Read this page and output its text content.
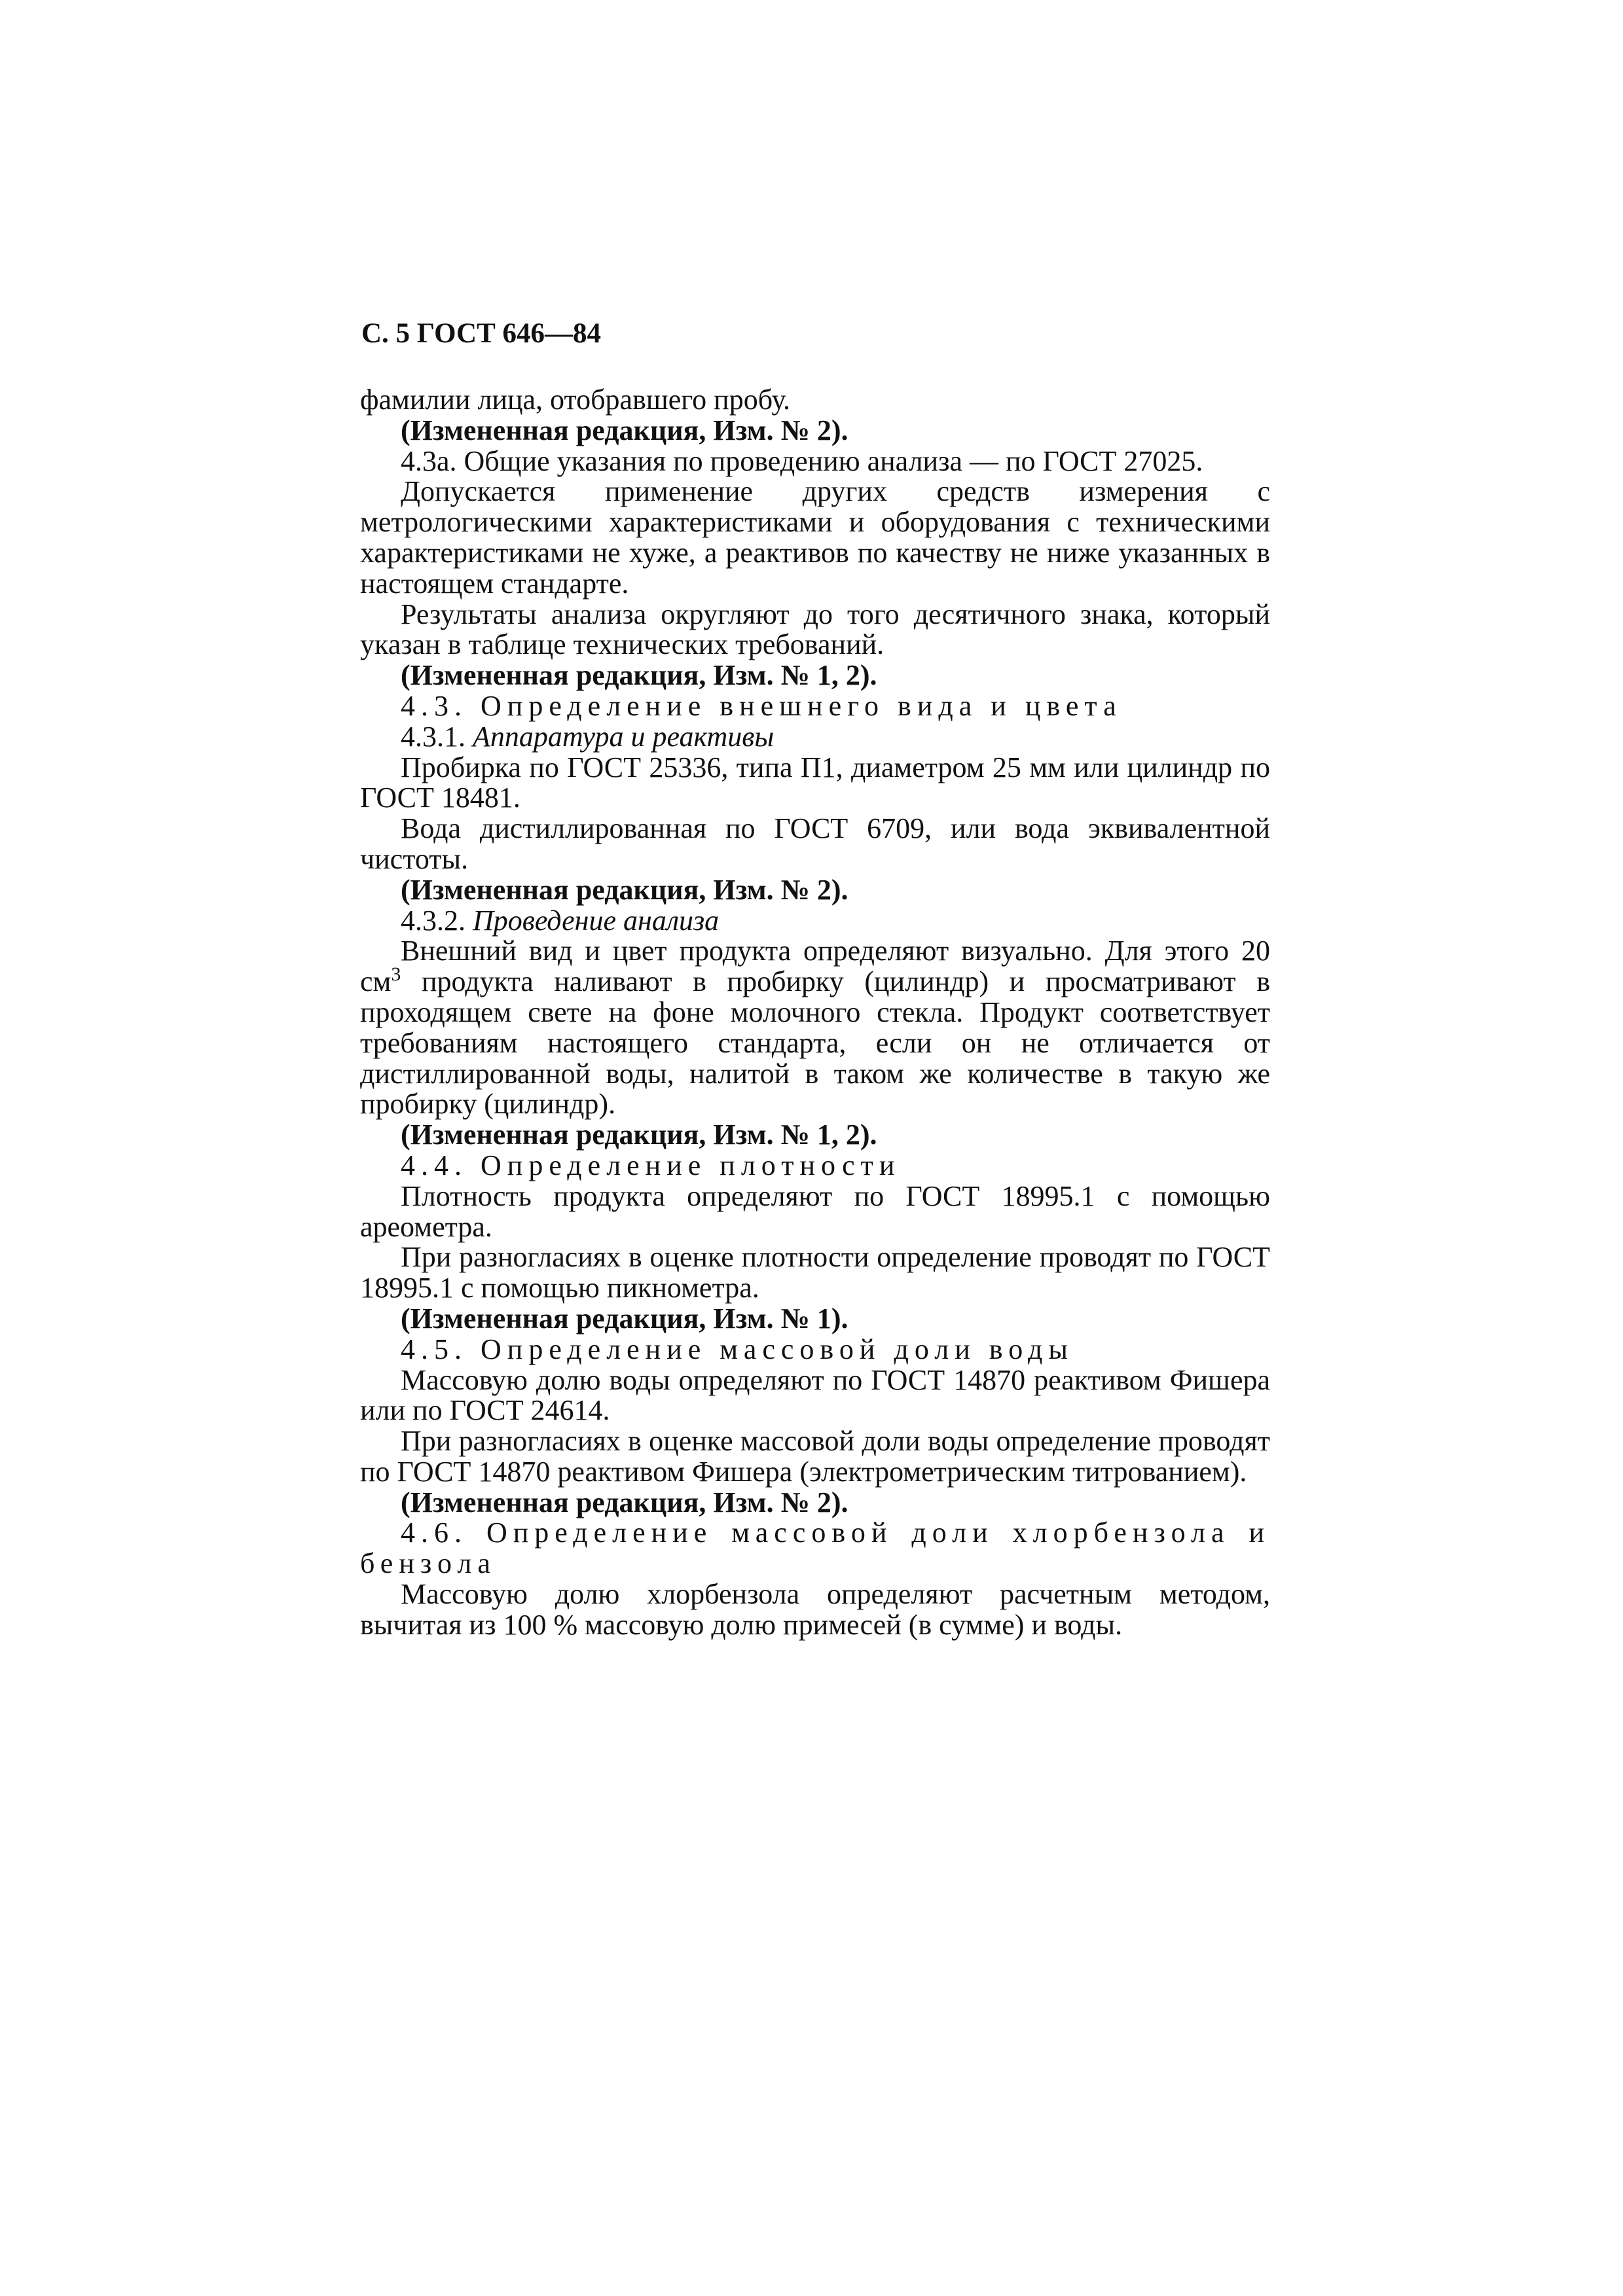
С. 5 ГОСТ 646—84

фамилии лица, отобравшего пробу.

(Измененная редакция, Изм. № 2).

4.3а. Общие указания по проведению анализа — по ГОСТ 27025.

Допускается применение других средств измерения с метрологическими характеристиками и оборудования с техническими характеристиками не хуже, а реактивов по качеству не ниже указанных в настоящем стандарте.

Результаты анализа округляют до того десятичного знака, который указан в таблице технических требований.

(Измененная редакция, Изм. № 1, 2).

4.3. Определение внешнего вида и цвета

4.3.1. Аппаратура и реактивы

Пробирка по ГОСТ 25336, типа П1, диаметром 25 мм или цилиндр по ГОСТ 18481.

Вода дистиллированная по ГОСТ 6709, или вода эквивалентной чистоты.

(Измененная редакция, Изм. № 2).

4.3.2. Проведение анализа

Внешний вид и цвет продукта определяют визуально. Для этого 20 $см^3$ продукта наливают в пробирку (цилиндр) и просматривают в проходящем свете на фоне молочного стекла. Продукт соответствует требованиям настоящего стандарта, если он не отличается от дистиллированной воды, налитой в таком же количестве в такую же пробирку (цилиндр).

(Измененная редакция, Изм. № 1, 2).

4.4. Определение плотности

Плотность продукта определяют по ГОСТ 18995.1 с помощью ареометра.

При разногласиях в оценке плотности определение проводят по ГОСТ 18995.1 с помощью пикнометра.

(Измененная редакция, Изм. № 1).

4.5. Определение массовой доли воды

Массовую долю воды определяют по ГОСТ 14870 реактивом Фишера или по ГОСТ 24614.

При разногласиях в оценке массовой доли воды определение проводят по ГОСТ 14870 реактивом Фишера (электрометрическим титрованием).

(Измененная редакция, Изм. № 2).

4.6. Определение массовой доли хлорбензола и бензола

Массовую долю хлорбензола определяют расчетным методом, вычитая из 100 % массовую долю примесей (в сумме) и воды.
